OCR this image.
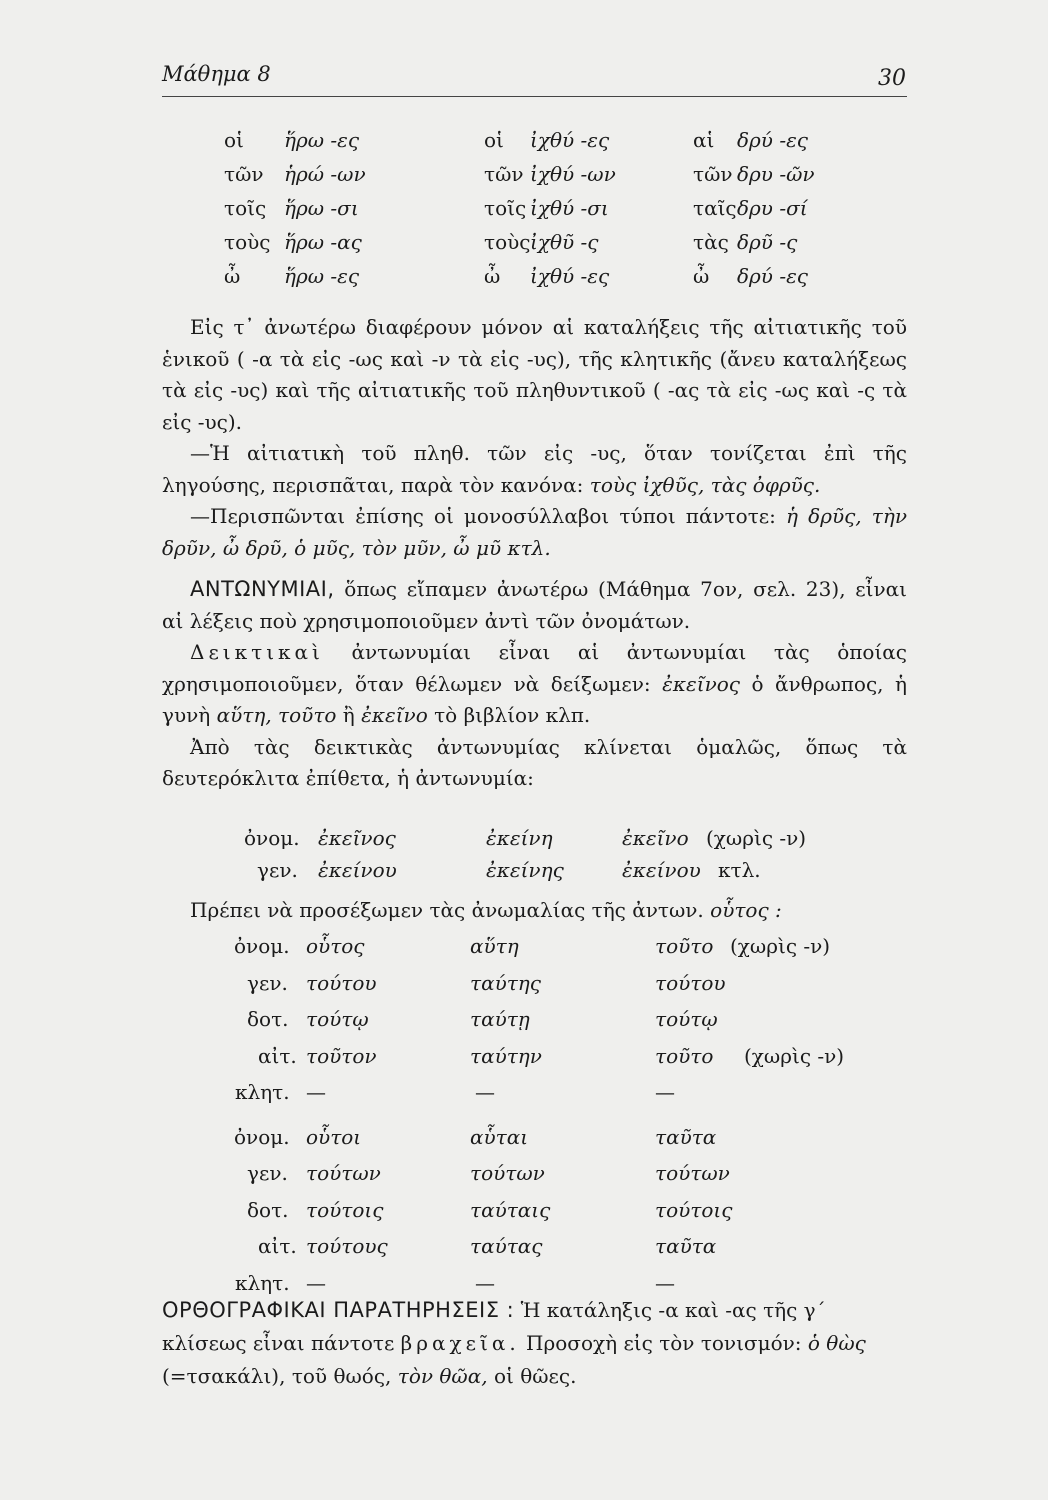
Μάθημα 8	30
οἱ ἥρω -ες	οἱ ἰχθύ -ες	αἱ δρύ -ες
τῶν ἡρώ -ων	τῶν ἰχθύ -ων	τῶν δρυ -ῶν
τοῖς ἥρω -σι	τοῖς ἰχθύ -σι	ταῖς δρυ -σί
τοὺς ἥρω -ας	τοὺς ἰχθῦ -ς	τὰς δρῦ -ς
ὦ ἥρω -ες	ὦ ἰχθύ -ες	ὦ δρύ -ες
Εἰς τ᾿ ἀνωτέρω διαφέρουν μόνον αἱ καταλήξεις τῆς αἰτιατικῆς τοῦ ἑνικοῦ ( -α τὰ εἰς -ως καὶ -ν τὰ εἰς -υς), τῆς κλητικῆς (ἄνευ καταλήξεως τὰ εἰς -υς) καὶ τῆς αἰτιατικῆς τοῦ πληθυντικοῦ ( -ας τὰ εἰς -ως καὶ -ς τὰ εἰς -υς).
—Ἡ αἰτιατικὴ τοῦ πληθ. τῶν εἰς -υς, ὅταν τονίζεται ἐπὶ τῆς ληγούσης, περισπᾶται, παρὰ τὸν κανόνα: τοὺς ἰχθῦς, τὰς ὀφρῦς.
—Περισπῶνται ἐπίσης οἱ μονοσύλλαβοι τύποι πάντοτε: ἡ δρῦς, τὴν δρῦν, ὦ δρῦ, ὁ μῦς, τὸν μῦν, ὦ μῦ κτλ.
ΑΝΤΩΝΥΜΙΑΙ, ὅπως εἴπαμεν ἀνωτέρω (Μάθημα 7ον, σελ. 23), εἶναι αἱ λέξεις ποὺ χρησιμοποιοῦμεν ἀντὶ τῶν ὀνομάτων.
Δεικτικαὶ ἀντωνυμίαι εἶναι αἱ ἀντωνυμίαι τὰς ὁποίας χρησιμοποιοῦμεν, ὅταν θέλωμεν νὰ δείξωμεν: ἐκεῖνος ὁ ἄνθρωπος, ἡ γυνὴ αὕτη, τοῦτο ἢ ἐκεῖνο τὸ βιβλίον κλπ.
Ἀπὸ τὰς δεικτικὰς ἀντωνυμίας κλίνεται ὁμαλῶς, ὅπως τὰ δευτερόκλιτα ἐπίθετα, ἡ ἀντωνυμία:
ὀνομ. ἐκεῖνος	ἐκείνη	ἐκεῖνο (χωρὶς -ν)
γεν. ἐκείνου	ἐκείνης	ἐκείνου κτλ.
Πρέπει νὰ προσέξωμεν τὰς ἀνωμαλίας τῆς ἀντων. οὗτος :
ὀνομ. οὗτος	αὕτη	τοῦτο (χωρὶς -ν)
γεν. τούτου	ταύτης	τούτου
δοτ. τούτῳ	ταύτῃ	τούτῳ
αἰτ. τοῦτον	ταύτην	τοῦτο (χωρὶς -ν)
κλητ. —	—	—
ὀνομ. οὗτοι	αὗται	ταῦτα
γεν. τούτων	τούτων	τούτων
δοτ. τούτοις	ταύταις	τούτοις
αἰτ. τούτους	ταύτας	ταῦτα
κλητ. —	—	—
ΟΡΘΟΓΡΑΦΙΚΑΙ ΠΑΡΑΤΗΡΗΣΕΙΣ : Ἡ κατάληξις -α καὶ -ας τῆς γ´ κλίσεως εἶναι πάντοτε βραχεῖα. Προσοχὴ εἰς τὸν τονισμόν: ὁ θὼς (=τσακάλι), τοῦ θωός, τὸν θῶα, οἱ θῶες.
